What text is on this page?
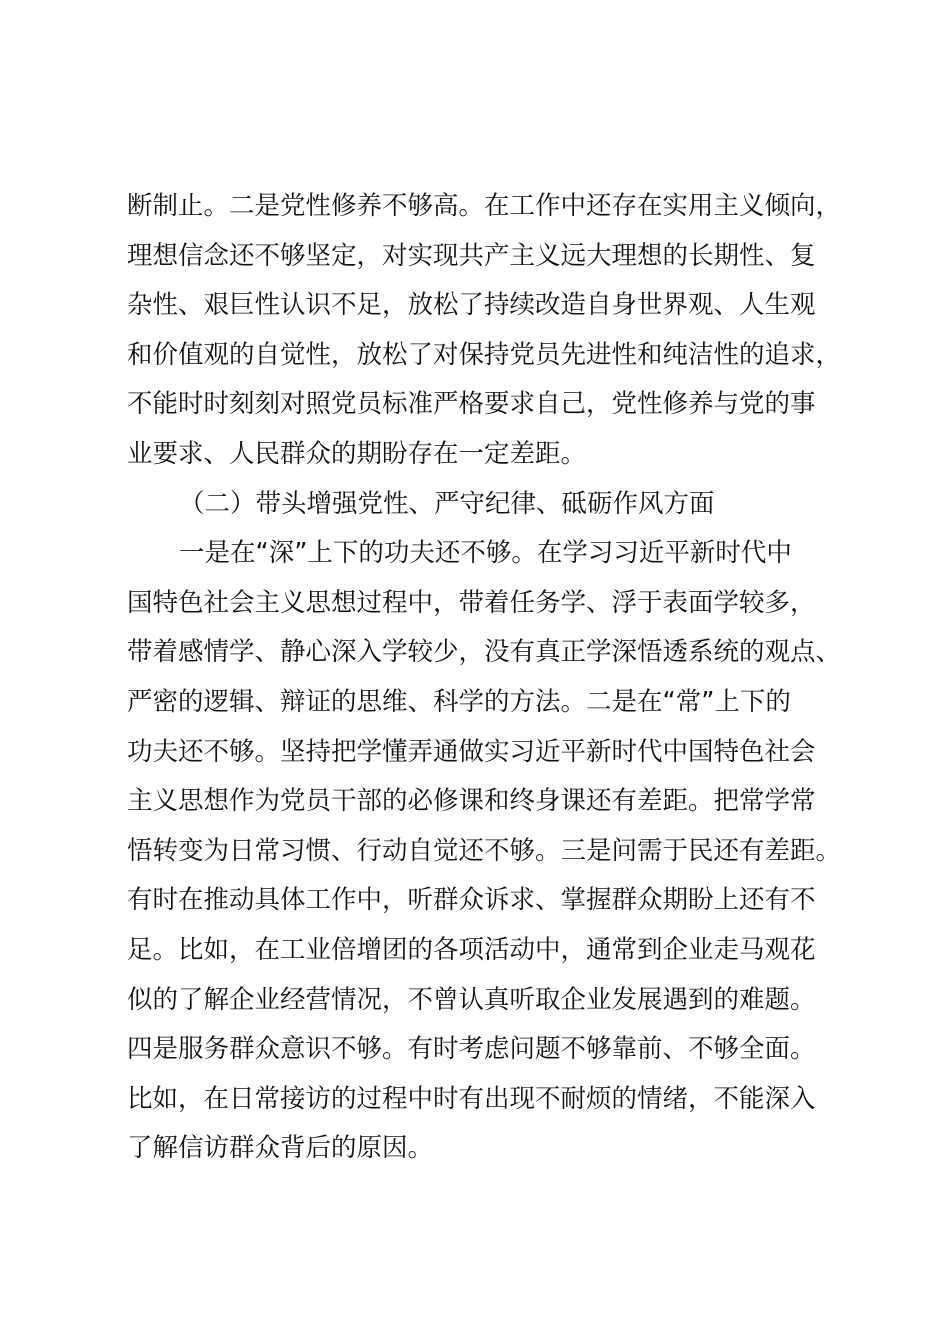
断制止。二是党性修养不够高。在工作中还存在实用主义倾向，
理想信念还不够坚定，对实现共产主义远大理想的长期性、复
杂性、艰巨性认识不足，放松了持续改造自身世界观、人生观
和价值观的自觉性，放松了对保持党员先进性和纯洁性的追求，
不能时时刻刻对照党员标准严格要求自己，党性修养与党的事
业要求、人民群众的期盼存在一定差距。
（二）带头增强党性、严守纪律、砥砺作风方面
一是在“深”上下的功夫还不够。在学习习近平新时代中
国特色社会主义思想过程中，带着任务学、浮于表面学较多，
带着感情学、静心深入学较少，没有真正学深悟透系统的观点、
严密的逻辑、辩证的思维、科学的方法。二是在“常”上下的
功夫还不够。坚持把学懂弄通做实习近平新时代中国特色社会
主义思想作为党员干部的必修课和终身课还有差距。把常学常
悟转变为日常习惯、行动自觉还不够。三是问需于民还有差距。
有时在推动具体工作中，听群众诉求、掌握群众期盼上还有不
足。比如，在工业倍增团的各项活动中，通常到企业走马观花
似的了解企业经营情况，不曾认真听取企业发展遇到的难题。
四是服务群众意识不够。有时考虑问题不够靠前、不够全面。
比如，在日常接访的过程中时有出现不耐烦的情绪，不能深入
了解信访群众背后的原因。
